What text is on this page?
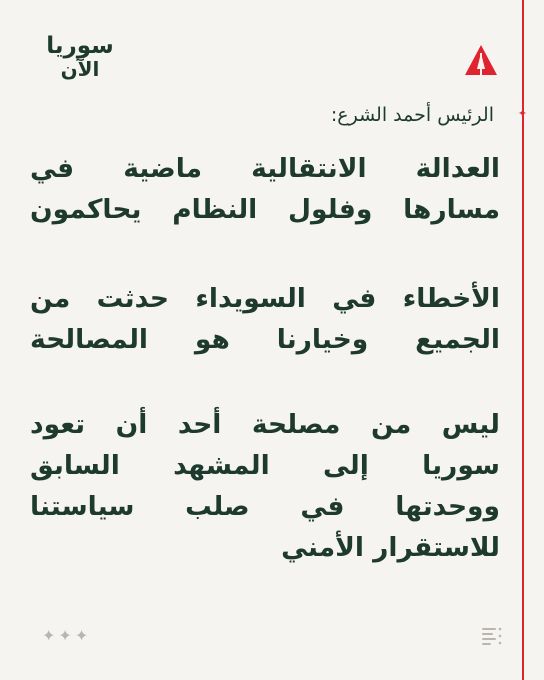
✦
سوريا
الآن
الرئيس أحمد الشرع:
العدالة الانتقالية ماضية في
مسارها وفلول النظام يحاكمون
الأخطاء في السويداء حدثت من
الجميع وخيارنا هو المصالحة
ليس من مصلحة أحد أن تعود
سوريا إلى المشهد السابق
ووحدتها في صلب سياستنا
للاستقرار الأمني
✦✦✦
